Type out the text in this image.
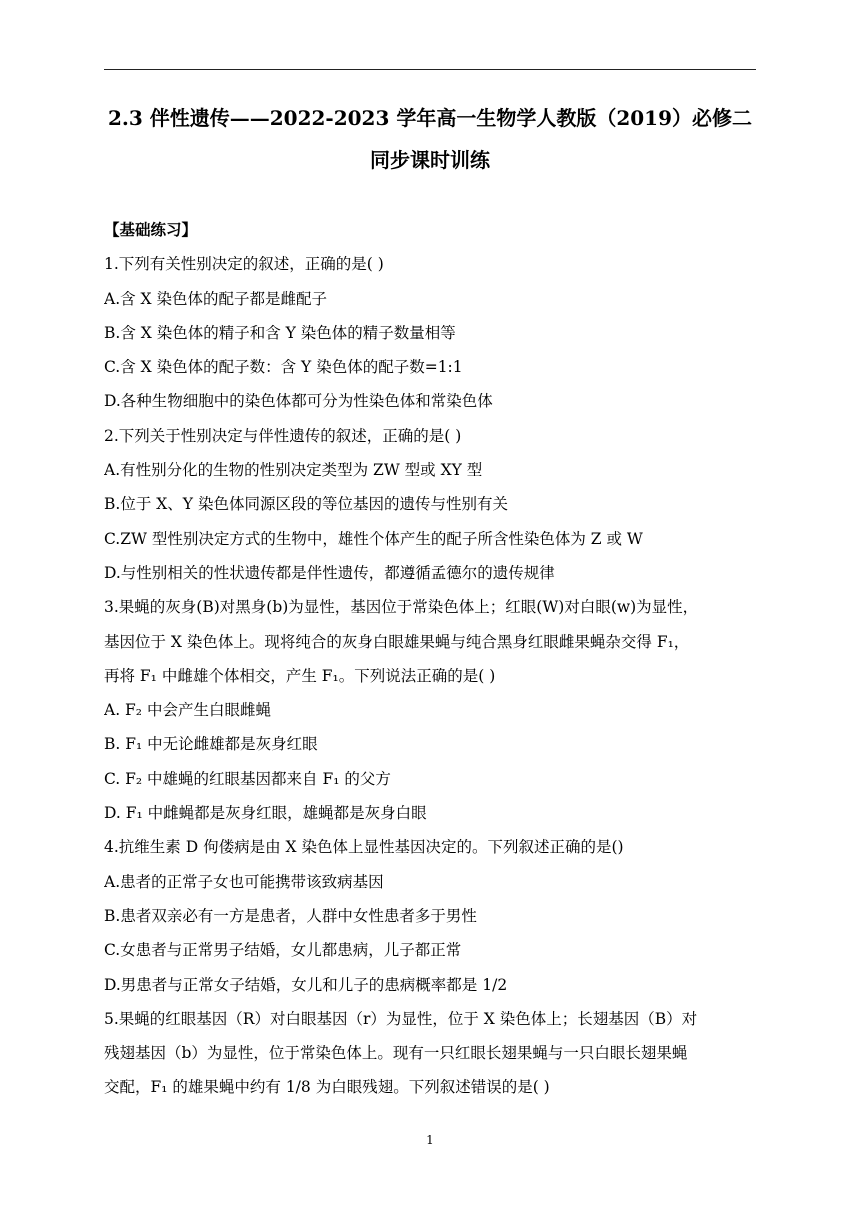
2.3 伴性遗传——2022-2023 学年高一生物学人教版（2019）必修二
同步课时训练
【基础练习】
1.下列有关性别决定的叙述，正确的是( )
A.含 X 染色体的配子都是雌配子
B.含 X 染色体的精子和含 Y 染色体的精子数量相等
C.含 X 染色体的配子数：含 Y 染色体的配子数=1:1
D.各种生物细胞中的染色体都可分为性染色体和常染色体
2.下列关于性别决定与伴性遗传的叙述，正确的是( )
A.有性别分化的生物的性别决定类型为 ZW 型或 XY 型
B.位于 X、Y 染色体同源区段的等位基因的遗传与性别有关
C.ZW 型性别决定方式的生物中，雄性个体产生的配子所含性染色体为 Z 或 W
D.与性别相关的性状遗传都是伴性遗传，都遵循孟德尔的遗传规律
3.果蝇的灰身(B)对黑身(b)为显性，基因位于常染色体上；红眼(W)对白眼(w)为显性，
基因位于 X 染色体上。现将纯合的灰身白眼雄果蝇与纯合黑身红眼雌果蝇杂交得 F₁，
再将 F₁ 中雌雄个体相交，产生 F₁。下列说法正确的是( )
A. F₂ 中会产生白眼雌蝇
B. F₁ 中无论雌雄都是灰身红眼
C. F₂ 中雄蝇的红眼基因都来自 F₁ 的父方
D. F₁ 中雌蝇都是灰身红眼，雄蝇都是灰身白眼
4.抗维生素 D 佝偻病是由 X 染色体上显性基因决定的。下列叙述正确的是()
A.患者的正常子女也可能携带该致病基因
B.患者双亲必有一方是患者，人群中女性患者多于男性
C.女患者与正常男子结婚，女儿都患病，儿子都正常
D.男患者与正常女子结婚，女儿和儿子的患病概率都是 1/2
5.果蝇的红眼基因（R）对白眼基因（r）为显性，位于 X 染色体上；长翅基因（B）对
残翅基因（b）为显性，位于常染色体上。现有一只红眼长翅果蝇与一只白眼长翅果蝇
交配，F₁ 的雄果蝇中约有 1/8 为白眼残翅。下列叙述错误的是( )
1
